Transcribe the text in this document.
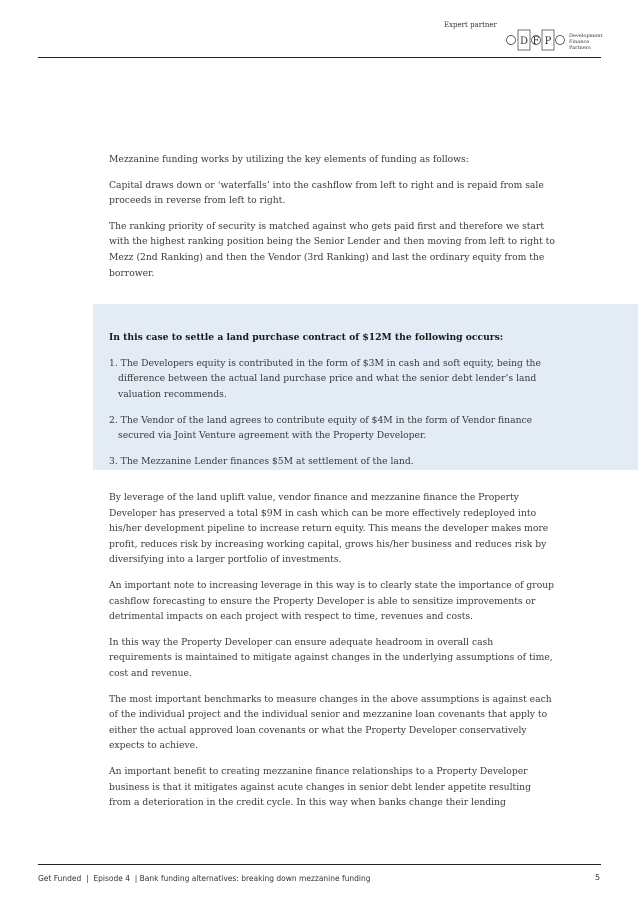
Expert partner
D F P	Development
Finance
Partners

Mezzanine funding works by utilizing the key elements of funding as follows:

Capital draws down or ‘waterfalls’ into the cashflow from left to right and is repaid from sale proceeds in reverse from left to right.

The ranking priority of security is matched against who gets paid first and therefore we start with the highest ranking position being the Senior Lender and then moving from left to right to Mezz (2nd Ranking) and then the Vendor (3rd Ranking) and last the ordinary equity from the borrower.

In this case to settle a land purchase contract of $12M the following occurs:

1. The Developers equity is contributed in the form of $3M in cash and soft equity, being the difference between the actual land purchase price and what the senior debt lender’s land valuation recommends.

2. The Vendor of the land agrees to contribute equity of $4M in the form of Vendor finance secured via Joint Venture agreement with the Property Developer.

3. The Mezzanine Lender finances $5M at settlement of the land.

By leverage of the land uplift value, vendor finance and mezzanine finance the Property Developer has preserved a total $9M in cash which can be more effectively redeployed into his/her development pipeline to increase return equity. This means the developer makes more profit, reduces risk by increasing working capital, grows his/her business and reduces risk by diversifying into a larger portfolio of investments.

An important note to increasing leverage in this way is to clearly state the importance of group cashflow forecasting to ensure the Property Developer is able to sensitize improvements or detrimental impacts on each project with respect to time, revenues and costs.

In this way the Property Developer can ensure adequate headroom in overall cash requirements is maintained to mitigate against changes in the underlying assumptions of time, cost and revenue.

The most important benchmarks to measure changes in the above assumptions is against each of the individual project and the individual senior and mezzanine loan covenants that apply to either the actual approved loan covenants or what the Property Developer conservatively expects to achieve.

An important benefit to creating mezzanine finance relationships to a Property Developer business is that it mitigates against acute changes in senior debt lender appetite resulting from a deterioration in the credit cycle. In this way when banks change their lending

Get Funded  |  Episode 4  | Bank funding alternatives: breaking down mezzanine funding	5
